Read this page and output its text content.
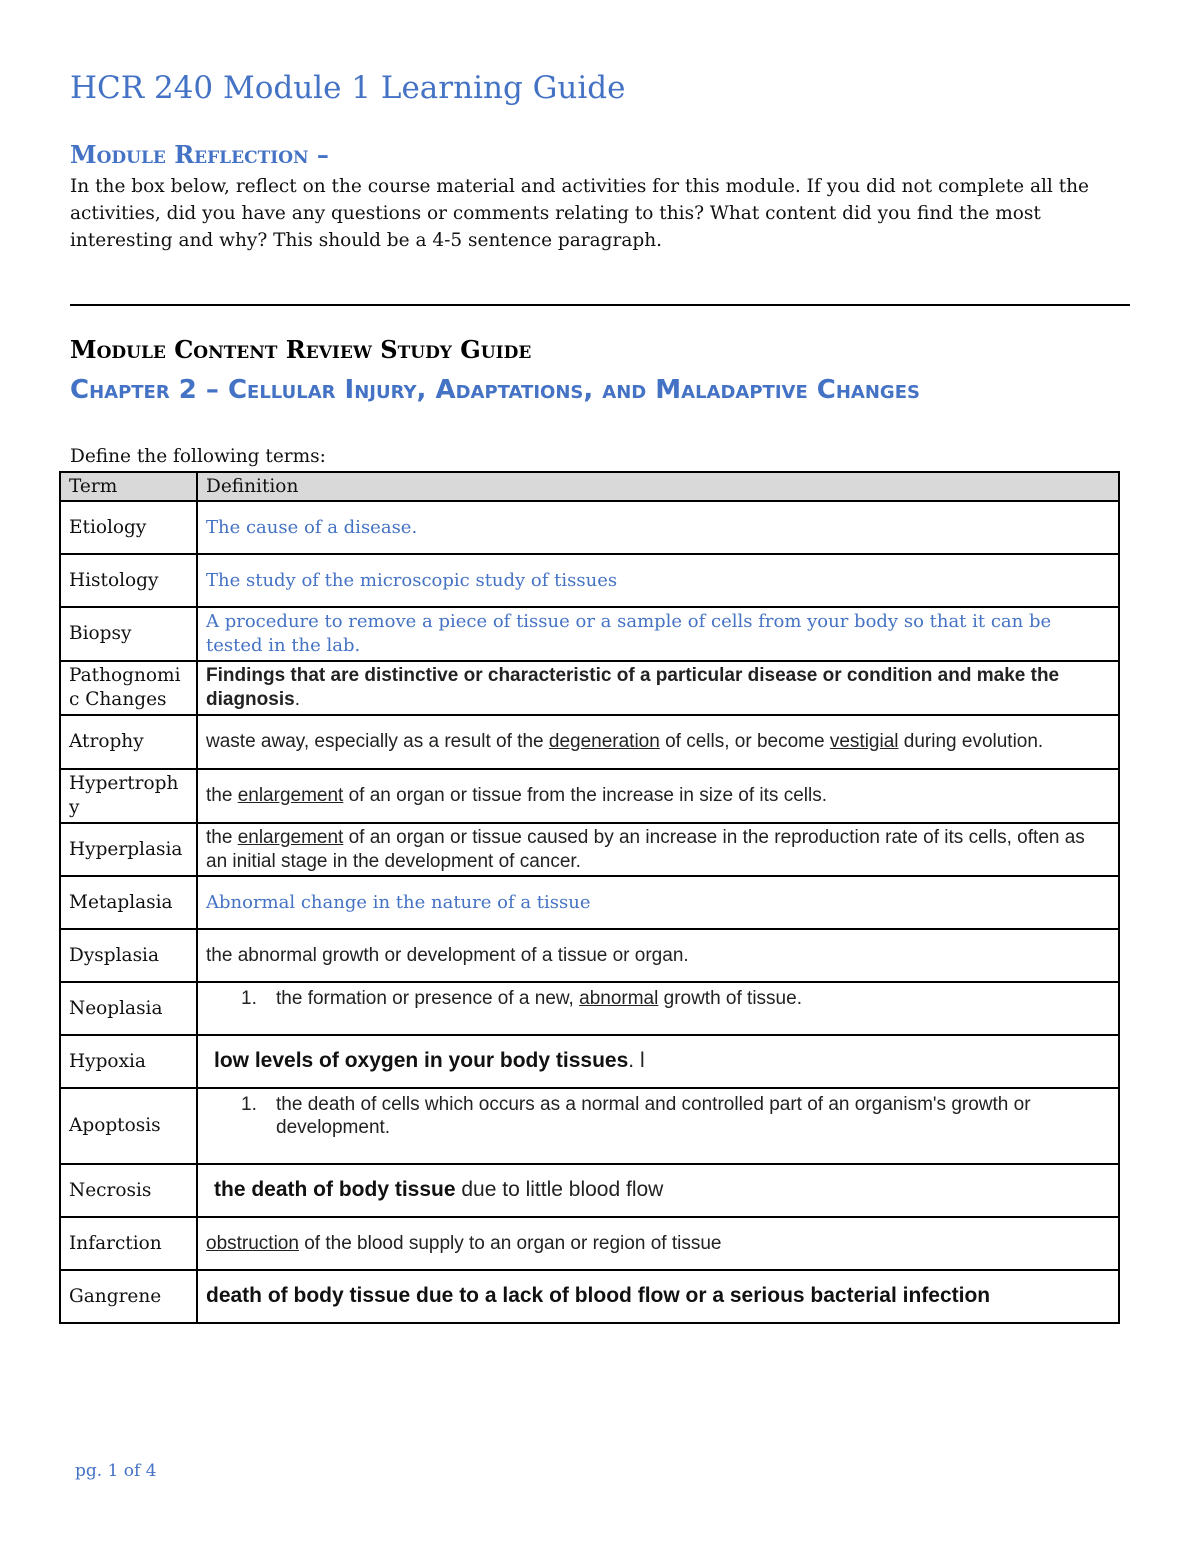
HCR 240 Module 1 Learning Guide
Module Reflection –

In the box below, reflect on the course material and activities for this module. If you did not complete all the activities, did you have any questions or comments relating to this? What content did you find the most interesting and why? This should be a 4-5 sentence paragraph.

Module Content Review Study Guide
Chapter 2 – Cellular Injury, Adaptations, and Maladaptive Changes

Define the following terms:

Term	Definition
Etiology	The cause of a disease.
Histology	The study of the microscopic study of tissues
Biopsy	A procedure to remove a piece of tissue or a sample of cells from your body so that it can be tested in the lab.
Pathognomic Changes	Findings that are distinctive or characteristic of a particular disease or condition and make the diagnosis.
Atrophy	waste away, especially as a result of the degeneration of cells, or become vestigial during evolution.
Hypertrophy	the enlargement of an organ or tissue from the increase in size of its cells.
Hyperplasia	the enlargement of an organ or tissue caused by an increase in the reproduction rate of its cells, often as an initial stage in the development of cancer.
Metaplasia	Abnormal change in the nature of a tissue
Dysplasia	the abnormal growth or development of a tissue or organ.
Neoplasia	1. the formation or presence of a new, abnormal growth of tissue.

Hypoxia	low levels of oxygen in your body tissues. l
Apoptosis	1. the death of cells which occurs as a normal and controlled part of an organism's growth or development.

Necrosis	the death of body tissue due to little blood flow
Infarction	obstruction of the blood supply to an organ or region of tissue
Gangrene	death of body tissue due to a lack of blood flow or a serious bacterial infection

pg. 1 of 4
